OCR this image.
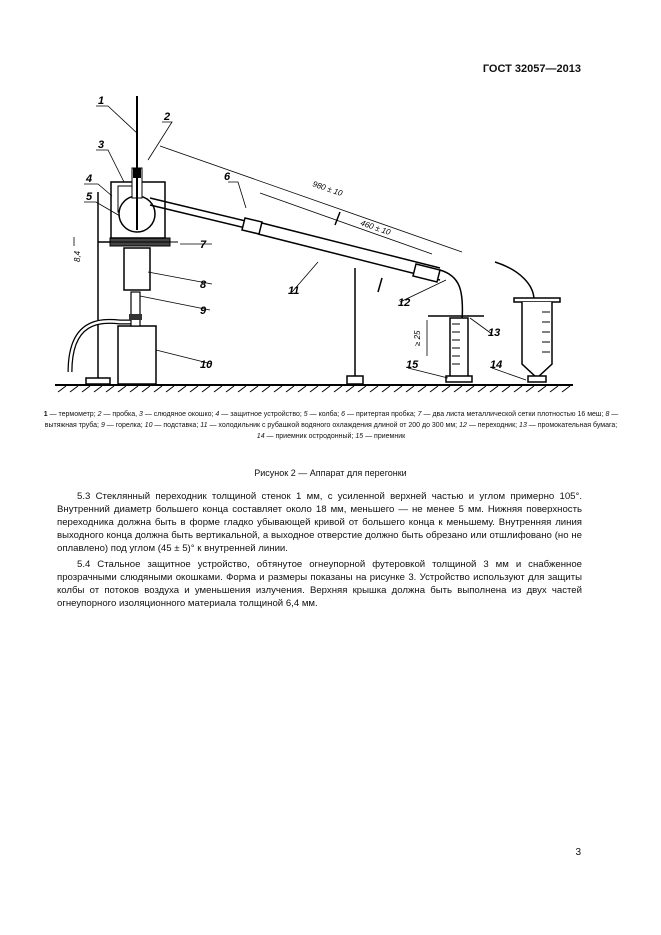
ГОСТ 32057—2013
980 ± 10
460 ± 10
≥ 25
8,4
1
2
3
4
5
6
7
8
9
10
11
12
13
14
15
1 — термометр; 2 — пробка, 3 — слюдяное окошко; 4 — защитное устройство; 5 — колба; 6 — притертая пробка; 7 — два листа металлической сетки плотностью 16 меш; 8 — вытяжная труба; 9 — горелка; 10 — подставка; 11 — холодильник с рубашкой водяного охлаждения длиной от 200 до 300 мм; 12 — переходник; 13 — промокательная бумага; 14 — приемник остродонный; 15 — приемник
Рисунок 2 — Аппарат для перегонки

5.3 Стеклянный переходник толщиной стенок 1 мм, с усиленной верхней частью и углом примерно 105°. Внутренний диаметр большего конца составляет около 18 мм, меньшего — не менее 5 мм. Нижняя поверхность переходника должна быть в форме гладко убывающей кривой от большего конца к меньшему. Внутренняя линия выходного конца должна быть вертикальной, а выходное отверстие должно быть обрезано или отшлифовано (но не оплавлено) под углом (45 ± 5)° к внутренней линии.

5.4 Стальное защитное устройство, обтянутое огнеупорной футеровкой толщиной 3 мм и снабженное прозрачными слюдяными окошками. Форма и размеры показаны на рисунке 3. Устройство используют для защиты колбы от потоков воздуха и уменьшения излучения. Верхняя крышка должна быть выполнена из двух частей огнеупорного изоляционного материала толщиной 6,4 мм.

3
